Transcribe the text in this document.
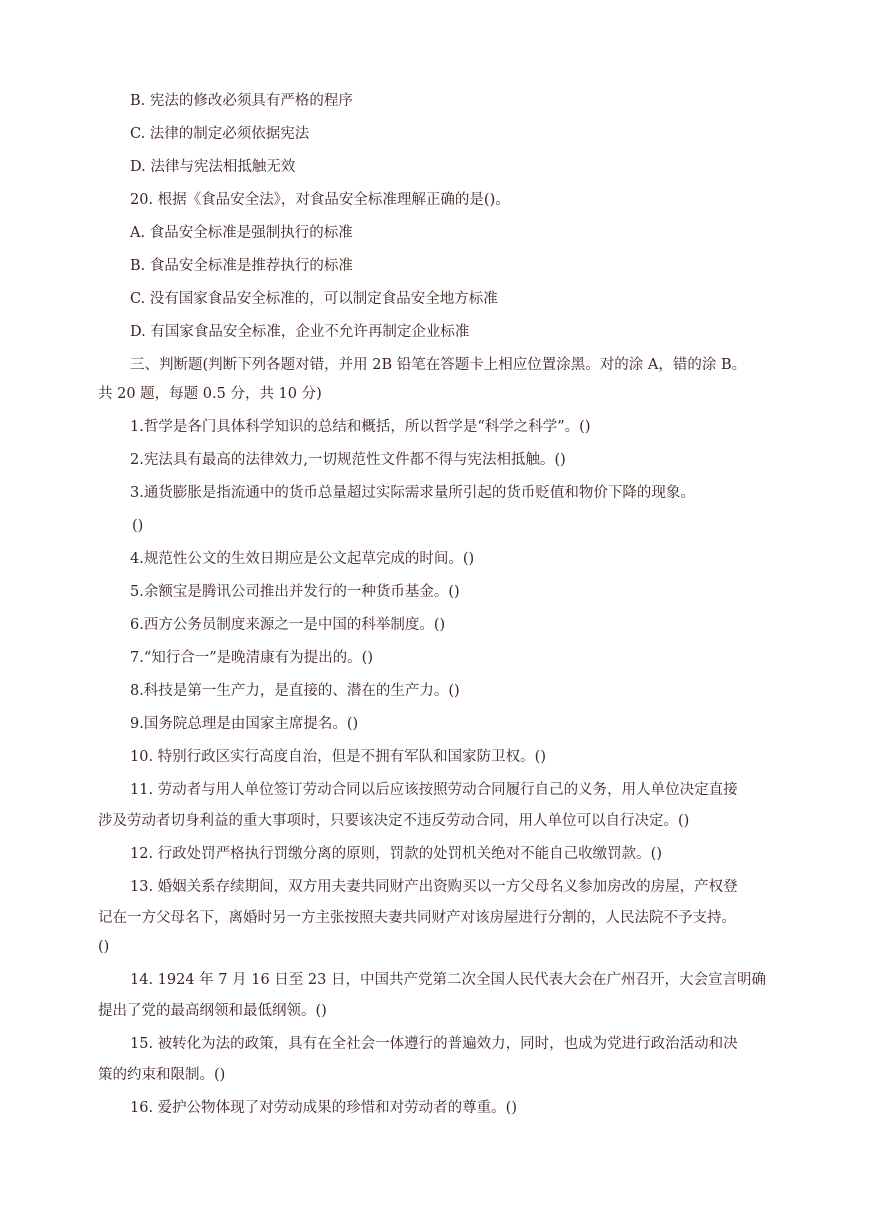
B. 宪法的修改必须具有严格的程序
C. 法律的制定必须依据宪法
D. 法律与宪法相抵触无效
20. 根据《食品安全法》，对食品安全标准理解正确的是()。
A. 食品安全标准是强制执行的标准
B. 食品安全标准是推荐执行的标准
C. 没有国家食品安全标准的，可以制定食品安全地方标准
D. 有国家食品安全标准，企业不允许再制定企业标准
三、判断题(判断下列各题对错，并用 2B 铅笔在答题卡上相应位置涂黑。对的涂 A，错的涂 B。
共 20 题，每题 0.5 分，共 10 分)
1.哲学是各门具体科学知识的总结和概括，所以哲学是“科学之科学”。()
2.宪法具有最高的法律效力,一切规范性文件都不得与宪法相抵触。()
3.通货膨胀是指流通中的货币总量超过实际需求量所引起的货币贬值和物价下降的现象。
()
4.规范性公文的生效日期应是公文起草完成的时间。()
5.余额宝是腾讯公司推出并发行的一种货币基金。()
6.西方公务员制度来源之一是中国的科举制度。()
7.“知行合一”是晚清康有为提出的。()
8.科技是第一生产力，是直接的、潜在的生产力。()
9.国务院总理是由国家主席提名。()
10. 特别行政区实行高度自治，但是不拥有军队和国家防卫权。()
11. 劳动者与用人单位签订劳动合同以后应该按照劳动合同履行自己的义务，用人单位决定直接
涉及劳动者切身利益的重大事项时，只要该决定不违反劳动合同，用人单位可以自行决定。()
12. 行政处罚严格执行罚缴分离的原则，罚款的处罚机关绝对不能自己收缴罚款。()
13. 婚姻关系存续期间，双方用夫妻共同财产出资购买以一方父母名义参加房改的房屋，产权登
记在一方父母名下，离婚时另一方主张按照夫妻共同财产对该房屋进行分割的，人民法院不予支持。
()
14. 1924 年 7 月 16 日至 23 日，中国共产党第二次全国人民代表大会在广州召开，大会宣言明确
提出了党的最高纲领和最低纲领。()
15. 被转化为法的政策，具有在全社会一体遵行的普遍效力，同时，也成为党进行政治活动和决
策的约束和限制。()
16. 爱护公物体现了对劳动成果的珍惜和对劳动者的尊重。()
